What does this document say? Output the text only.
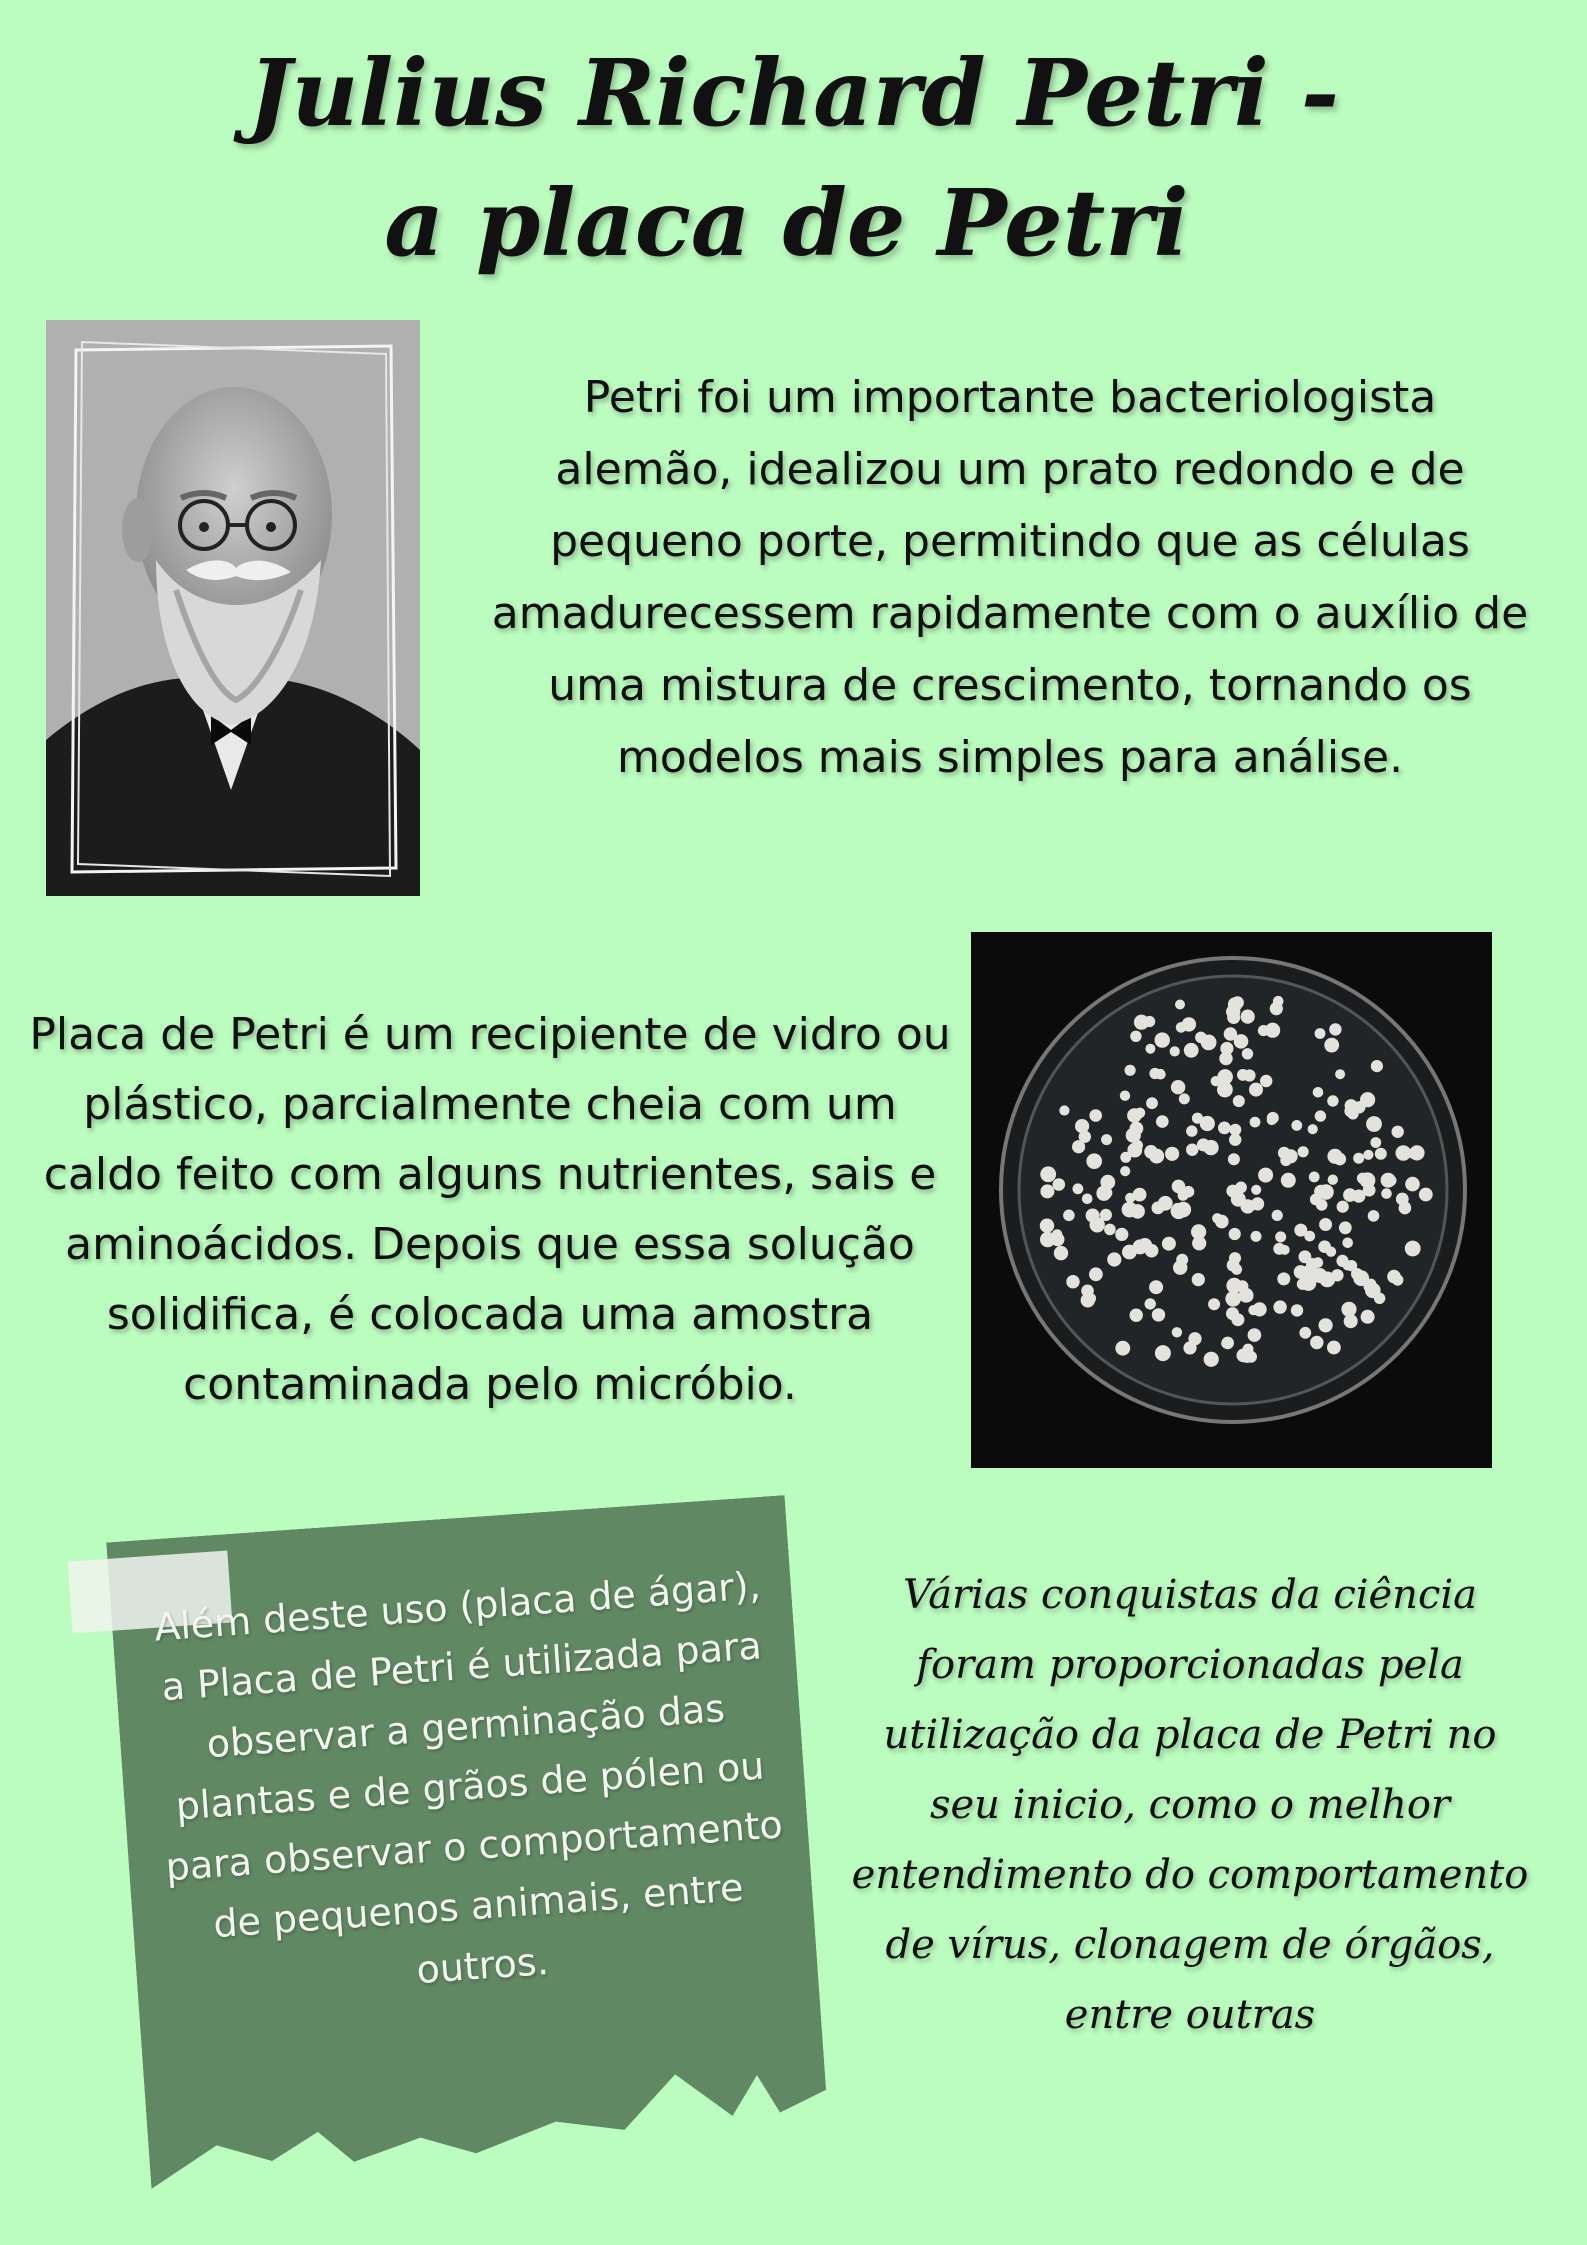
Julius Richard Petri -
a placa de Petri

Petri foi um importante bacteriologista alemão, idealizou um prato redondo e de pequeno porte, permitindo que as células amadurecessem rapidamente com o auxílio de uma mistura de crescimento, tornando os modelos mais simples para análise.

Placa de Petri é um recipiente de vidro ou plástico, parcialmente cheia com um caldo feito com alguns nutrientes, sais e aminoácidos. Depois que essa solução solidifica, é colocada uma amostra contaminada pelo micróbio.

Além deste uso (placa de ágar), a Placa de Petri é utilizada para observar a germinação das plantas e de grãos de pólen ou para observar o comportamento de pequenos animais, entre outros.

Várias conquistas da ciência foram proporcionadas pela utilização da placa de Petri no seu inicio, como o melhor entendimento do comportamento de vírus, clonagem de órgãos, entre outras
